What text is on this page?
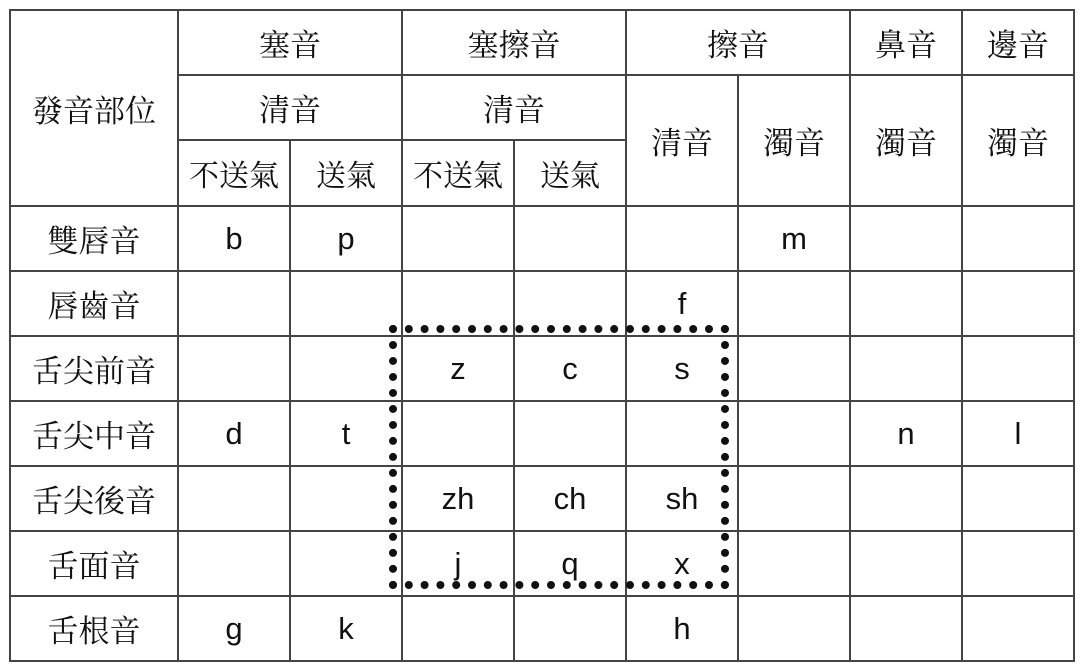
發音部位	塞音		塞擦音		擦音		鼻音	邊音
	清音		清音		清音	濁音	濁音	濁音
	不送氣	送氣	不送氣	送氣				
雙唇音	b	p				m		
唇齒音					f			
舌尖前音			z	c	s			
舌尖中音	d	t					n	l
舌尖後音			zh	ch	sh			
舌面音			j	q	x			
舌根音	g	k			h			
